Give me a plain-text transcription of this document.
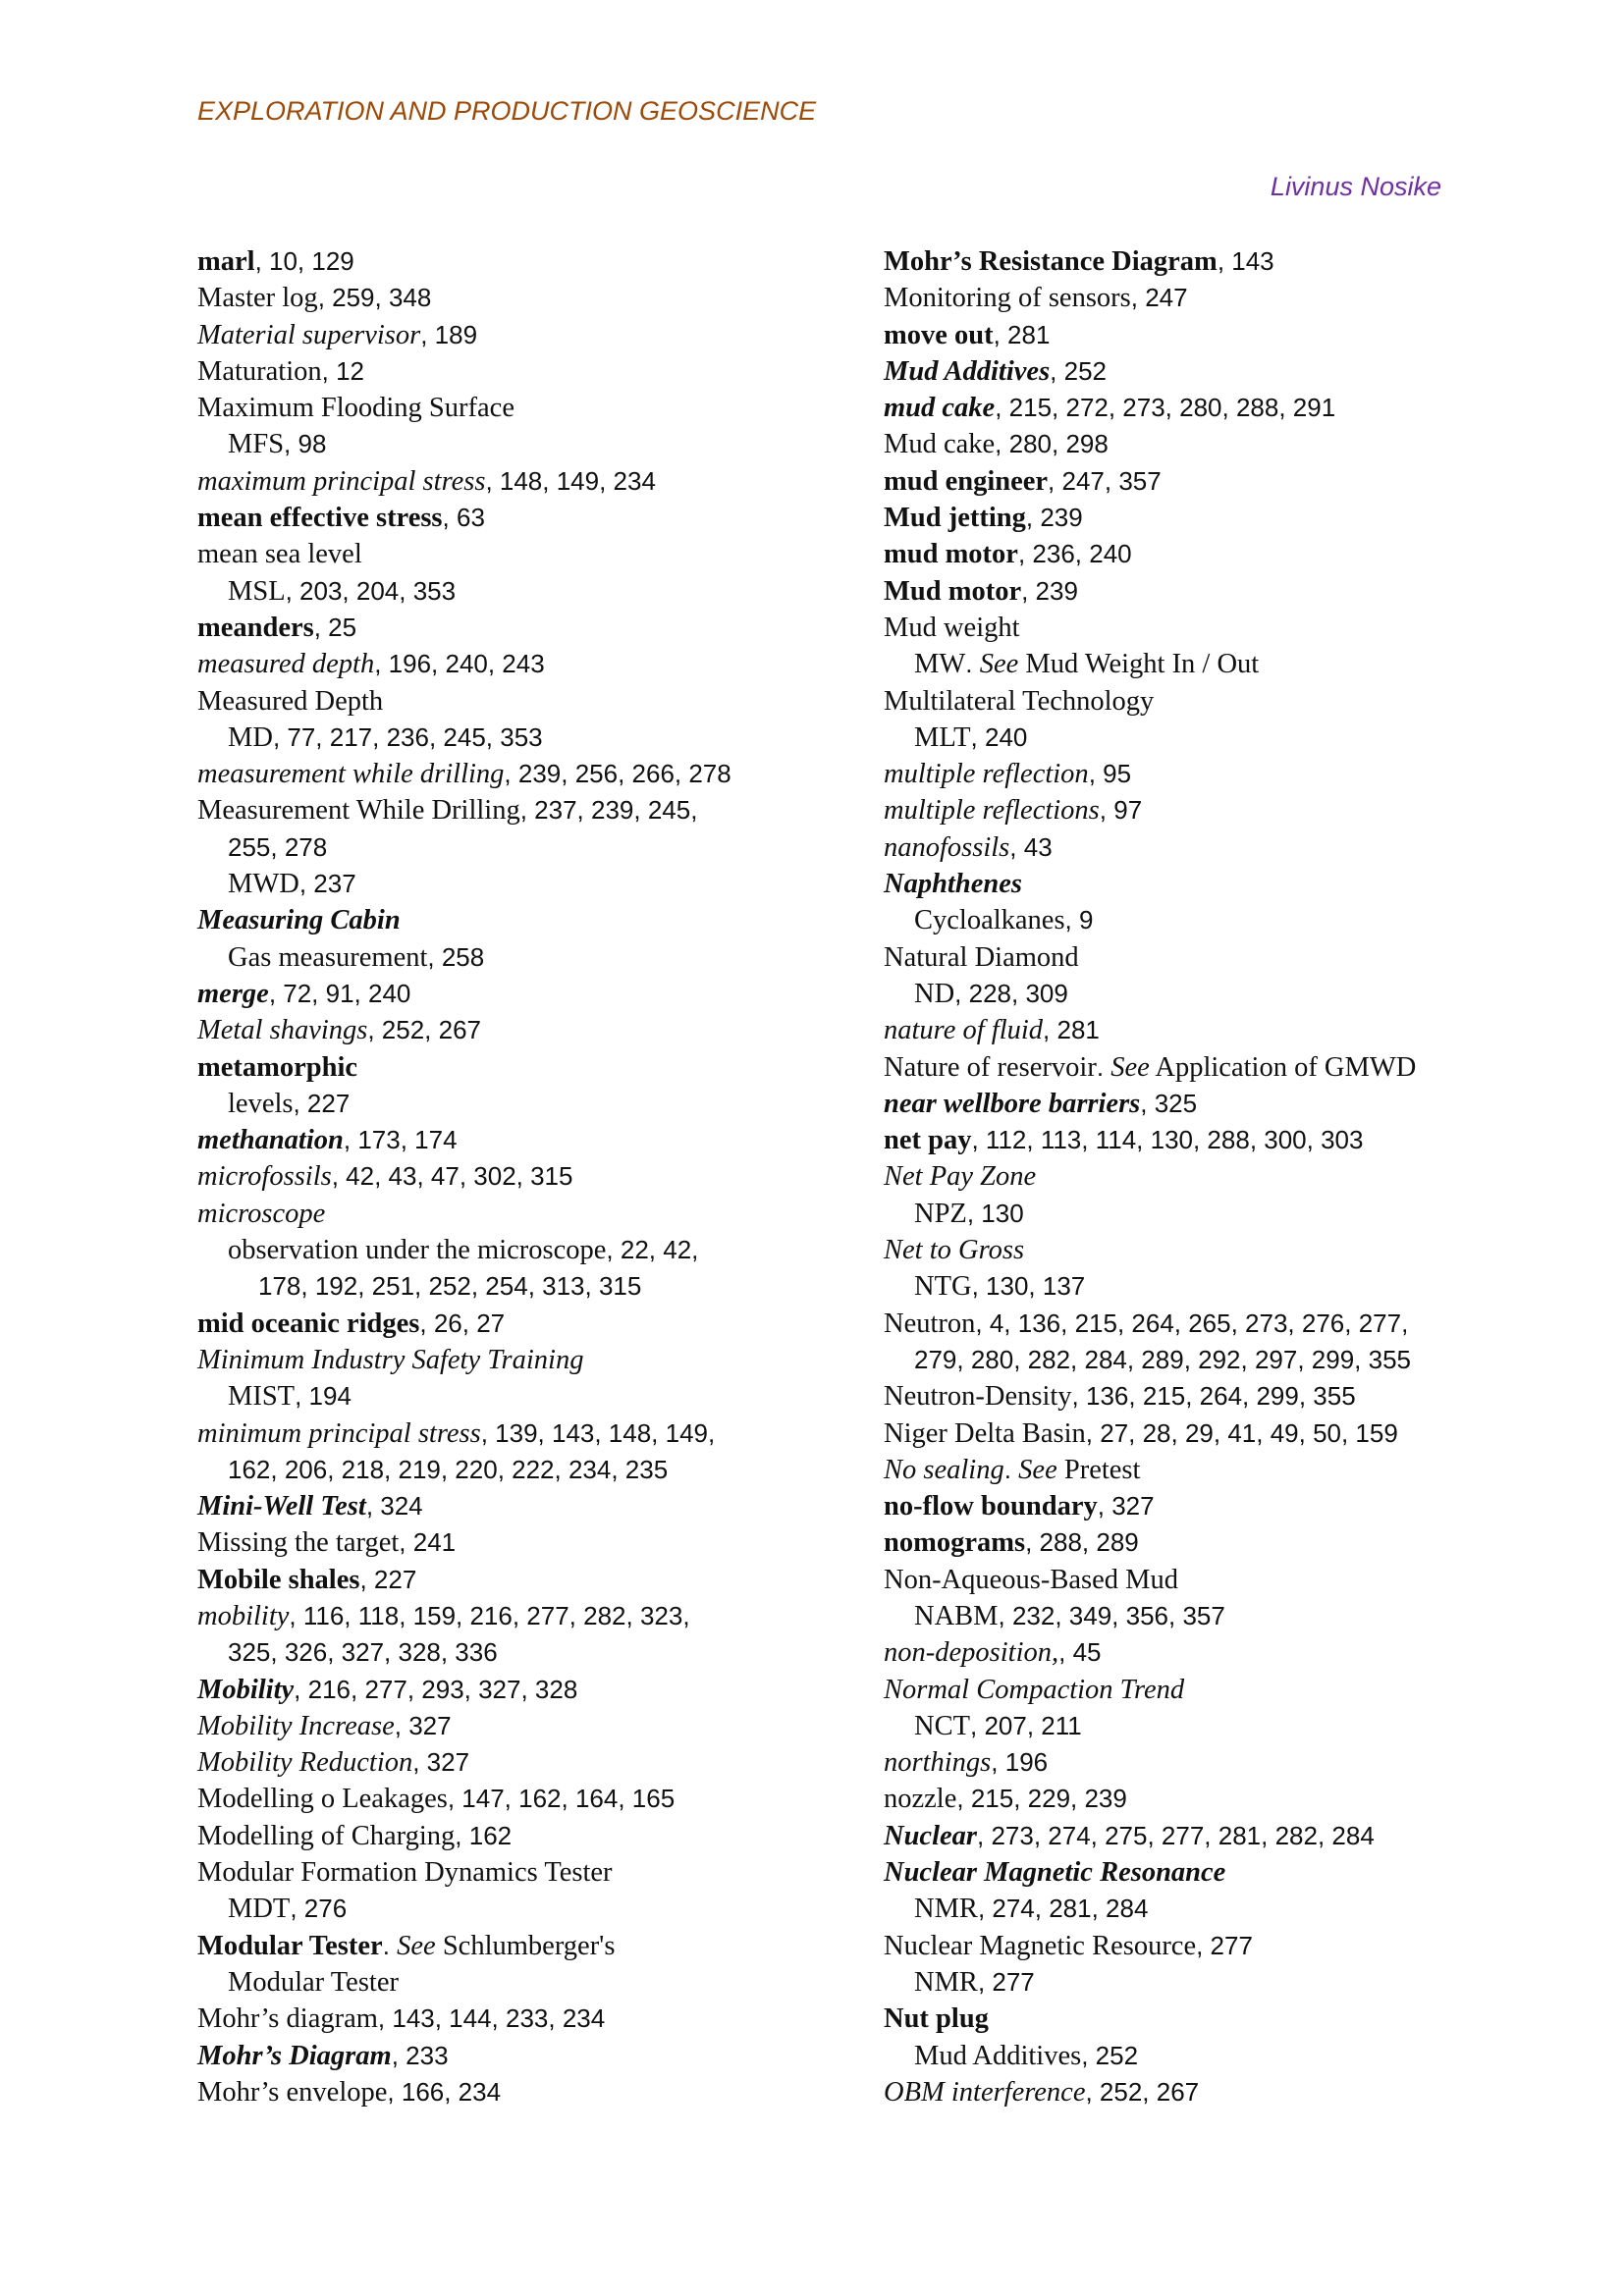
EXPLORATION AND PRODUCTION GEOSCIENCE
Livinus Nosike
marl, 10, 129
Master log, 259, 348
Material supervisor, 189
Maturation, 12
Maximum Flooding Surface
MFS, 98
maximum principal stress, 148, 149, 234
mean effective stress, 63
mean sea level
MSL, 203, 204, 353
meanders, 25
measured depth, 196, 240, 243
Measured Depth
MD, 77, 217, 236, 245, 353
measurement while drilling, 239, 256, 266, 278
Measurement While Drilling, 237, 239, 245,
255, 278
MWD, 237
Measuring Cabin
Gas measurement, 258
merge, 72, 91, 240
Metal shavings, 252, 267
metamorphic
levels, 227
methanation, 173, 174
microfossils, 42, 43, 47, 302, 315
microscope
observation under the microscope, 22, 42,
178, 192, 251, 252, 254, 313, 315
mid oceanic ridges, 26, 27
Minimum Industry Safety Training
MIST, 194
minimum principal stress, 139, 143, 148, 149,
162, 206, 218, 219, 220, 222, 234, 235
Mini-Well Test, 324
Missing the target, 241
Mobile shales, 227
mobility, 116, 118, 159, 216, 277, 282, 323,
325, 326, 327, 328, 336
Mobility, 216, 277, 293, 327, 328
Mobility Increase, 327
Mobility Reduction, 327
Modelling o Leakages, 147, 162, 164, 165
Modelling of Charging, 162
Modular Formation Dynamics Tester
MDT, 276
Modular Tester. See Schlumberger's
Modular Tester
Mohr’s diagram, 143, 144, 233, 234
Mohr’s Diagram, 233
Mohr’s envelope, 166, 234
Mohr’s Resistance Diagram, 143
Monitoring of sensors, 247
move out, 281
Mud Additives, 252
mud cake, 215, 272, 273, 280, 288, 291
Mud cake, 280, 298
mud engineer, 247, 357
Mud jetting, 239
mud motor, 236, 240
Mud motor, 239
Mud weight
MW. See Mud Weight In / Out
Multilateral Technology
MLT, 240
multiple reflection, 95
multiple reflections, 97
nanofossils, 43
Naphthenes
Cycloalkanes, 9
Natural Diamond
ND, 228, 309
nature of fluid, 281
Nature of reservoir. See Application of GMWD
near wellbore barriers, 325
net pay, 112, 113, 114, 130, 288, 300, 303
Net Pay Zone
NPZ, 130
Net to Gross
NTG, 130, 137
Neutron, 4, 136, 215, 264, 265, 273, 276, 277,
279, 280, 282, 284, 289, 292, 297, 299, 355
Neutron-Density, 136, 215, 264, 299, 355
Niger Delta Basin, 27, 28, 29, 41, 49, 50, 159
No sealing. See Pretest
no-flow boundary, 327
nomograms, 288, 289
Non-Aqueous-Based Mud
NABM, 232, 349, 356, 357
non-deposition,, 45
Normal Compaction Trend
NCT, 207, 211
northings, 196
nozzle, 215, 229, 239
Nuclear, 273, 274, 275, 277, 281, 282, 284
Nuclear Magnetic Resonance
NMR, 274, 281, 284
Nuclear Magnetic Resource, 277
NMR, 277
Nut plug
Mud Additives, 252
OBM interference, 252, 267
